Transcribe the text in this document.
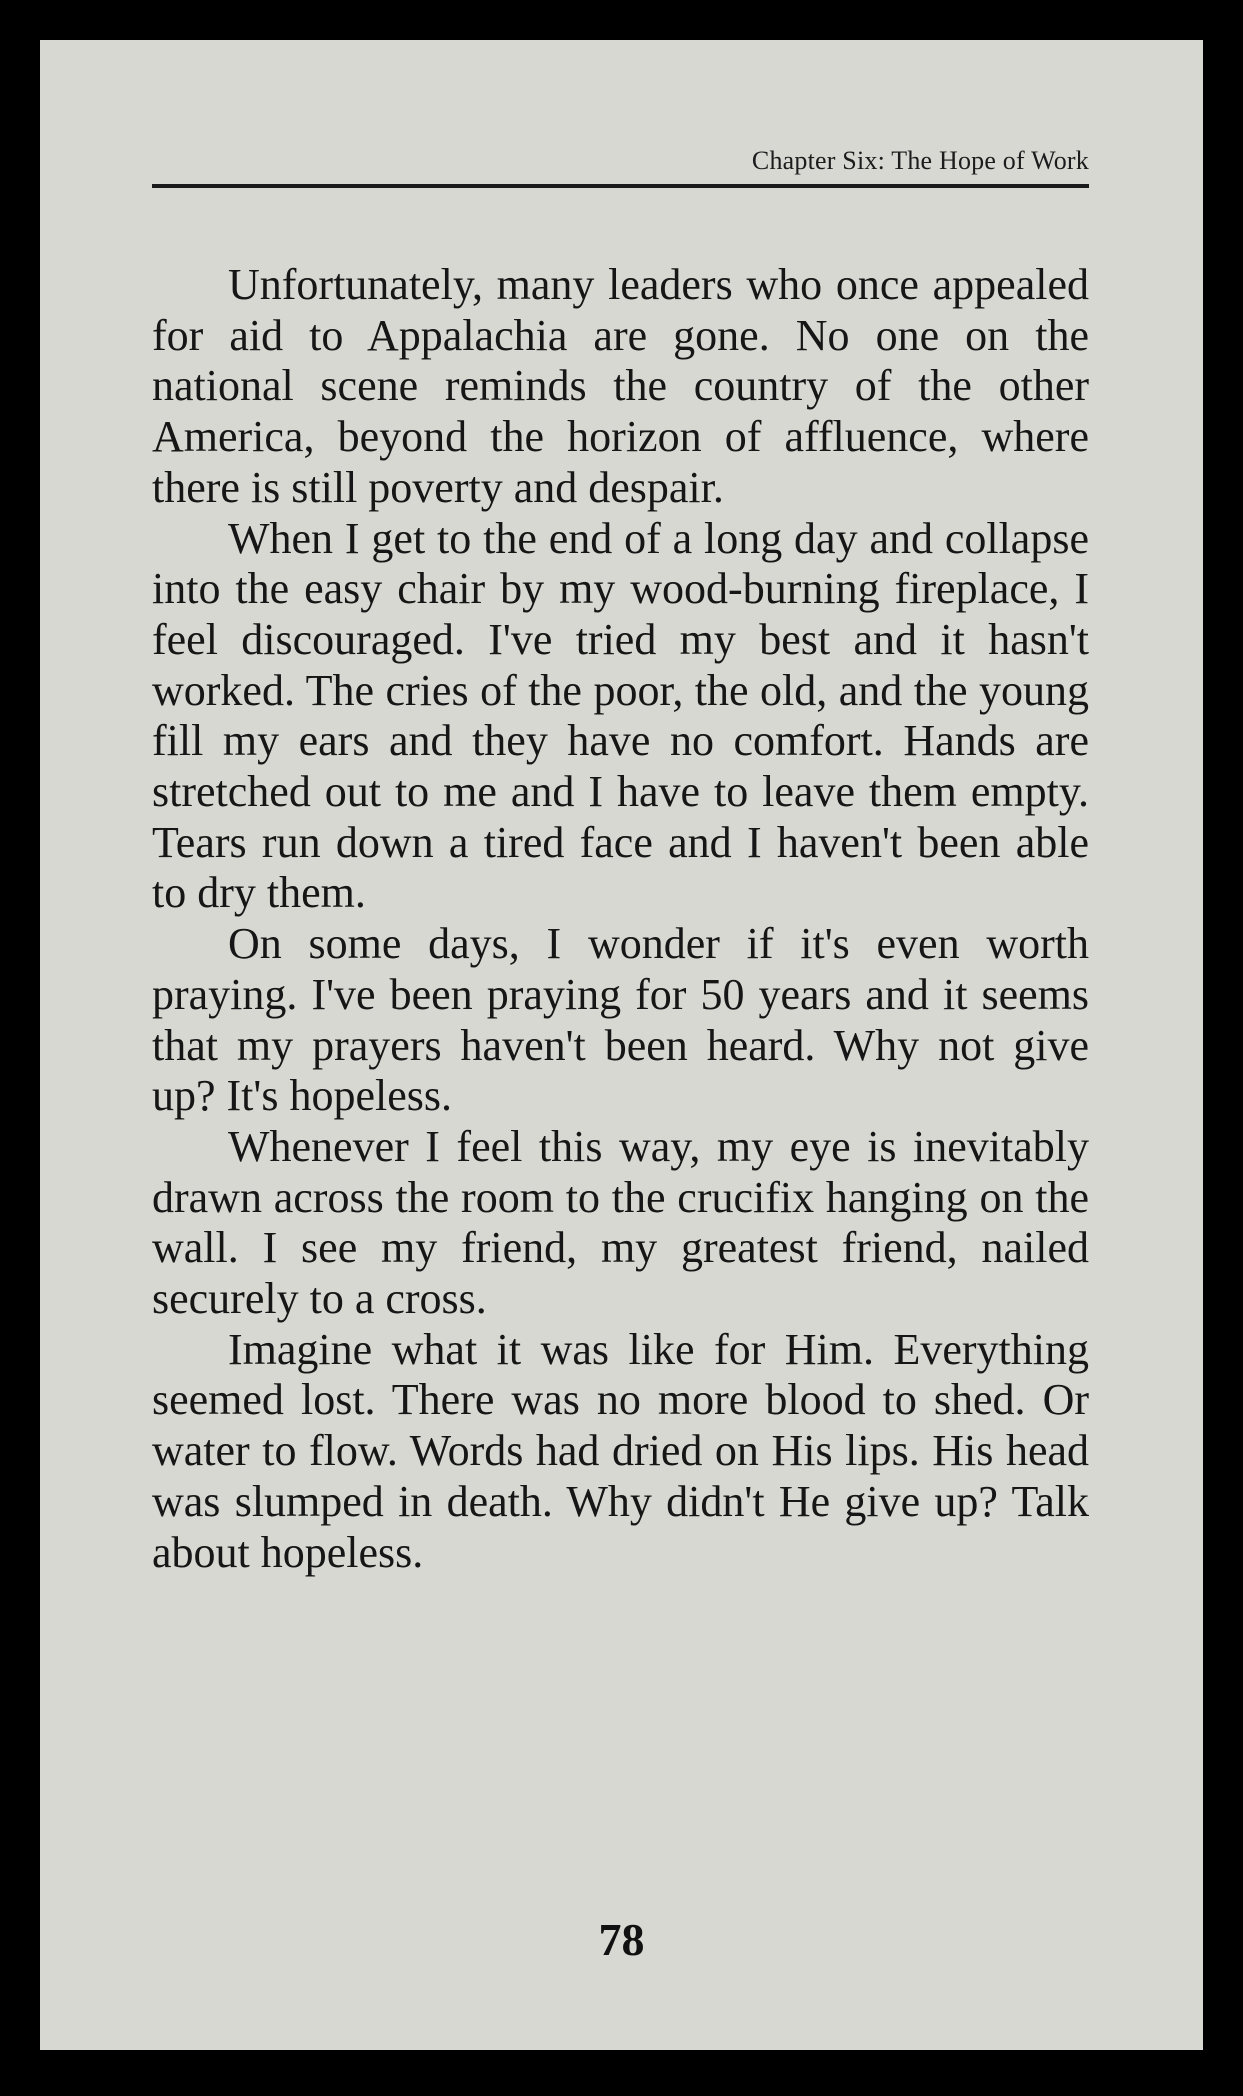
Chapter Six: The Hope of Work

Unfortunately, many leaders who once appealed for aid to Appalachia are gone. No one on the national scene reminds the country of the other America, beyond the horizon of affluence, where there is still poverty and despair.

When I get to the end of a long day and collapse into the easy chair by my wood-burning fireplace, I feel discouraged. I've tried my best and it hasn't worked. The cries of the poor, the old, and the young fill my ears and they have no comfort. Hands are stretched out to me and I have to leave them empty. Tears run down a tired face and I haven't been able to dry them.

On some days, I wonder if it's even worth praying. I've been praying for 50 years and it seems that my prayers haven't been heard. Why not give up? It's hopeless.

Whenever I feel this way, my eye is inevitably drawn across the room to the crucifix hanging on the wall. I see my friend, my greatest friend, nailed securely to a cross.

Imagine what it was like for Him. Everything seemed lost. There was no more blood to shed. Or water to flow. Words had dried on His lips. His head was slumped in death. Why didn't He give up? Talk about hopeless.

78
